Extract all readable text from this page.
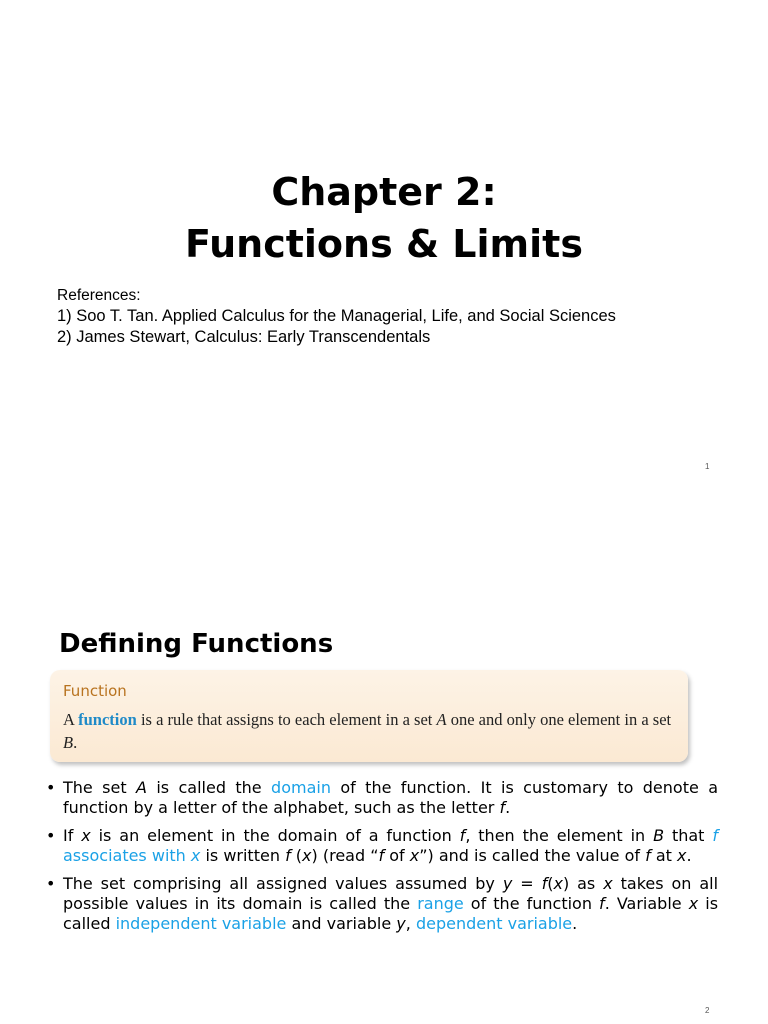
Chapter 2:
Functions & Limits
References:
1) Soo T. Tan. Applied Calculus for the Managerial, Life, and Social Sciences
2) James Stewart, Calculus: Early Transcendentals
1
Defining Functions
Function
A function is a rule that assigns to each element in a set A one and only one element in a set B.
• The set A is called the domain of the function. It is customary to denote a function by a letter of the alphabet, such as the letter f.
• If x is an element in the domain of a function f, then the element in B that f associates with x is written f (x) (read “f of x”) and is called the value of f at x.
• The set comprising all assigned values assumed by y = f(x) as x takes on all possible values in its domain is called the range of the function f. Variable x is called independent variable and variable y, dependent variable.
2
